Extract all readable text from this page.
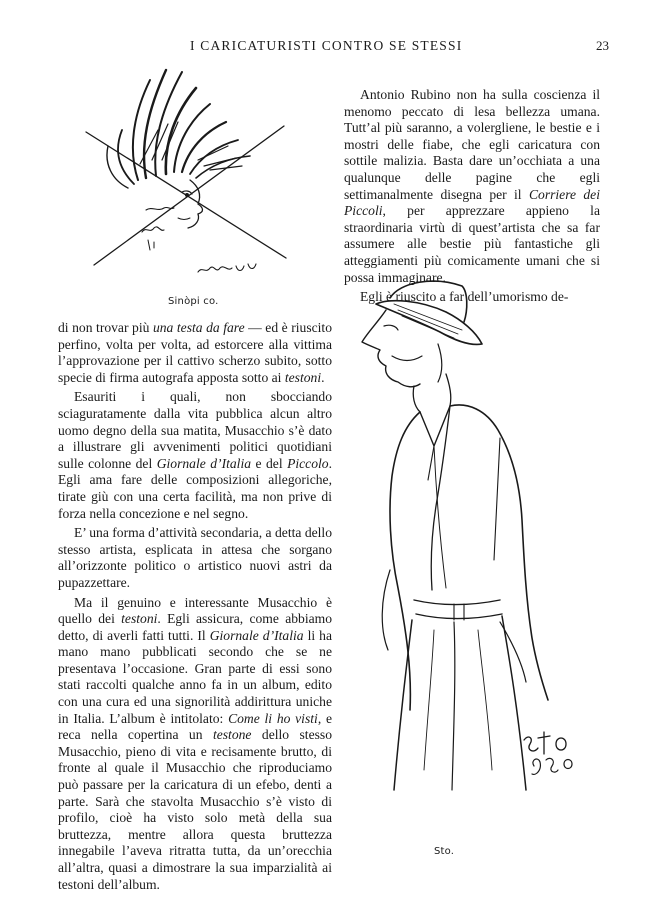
I CARICATURISTI CONTRO SE STESSI	23
Sinòpi co.

di non trovar più una testa da fare — ed è riuscito perfino, volta per volta, ad estorcere alla vittima l’approvazione per il cattivo scherzo subito, sotto specie di firma autografa apposta sotto ai testoni.

Esauriti i quali, non sbocciando sciaguratamente dalla vita pubblica alcun altro uomo degno della sua matita, Musacchio s’è dato a illustrare gli avvenimenti politici quotidiani sulle colonne del Giornale d’Italia e del Piccolo. Egli ama fare delle composizioni allegoriche, tirate giù con una certa facilità, ma non prive di forza nella concezione e nel segno.

E’ una forma d’attività secondaria, a detta dello stesso artista, esplicata in attesa che sorgano all’orizzonte politico o artistico nuovi astri da pupazzettare.

Ma il genuino e interessante Musacchio è quello dei testoni. Egli assicura, come abbiamo detto, di averli fatti tutti. Il Giornale d’Italia li ha mano mano pubblicati secondo che se ne presentava l’occasione. Gran parte di essi sono stati raccolti qualche anno fa in un album, edito con una cura ed una signorilità addirittura uniche in Italia. L’album è intitolato: Come li ho visti, e reca nella copertina un testone dello stesso Musacchio, pieno di vita e recisamente brutto, di fronte al quale il Musacchio che riproduciamo può passare per la caricatura di un efebo, denti a parte. Sarà che stavolta Musacchio s’è visto di profilo, cioè ha visto solo metà della sua bruttezza, mentre allora questa bruttezza innegabile l’aveva ritratta tutta, da un’orecchia all’altra, quasi a dimostrare la sua imparzialità ai testoni dell’album.

Antonio Rubino non ha sulla coscienza il menomo peccato di lesa bellezza umana. Tutt’al più saranno, a volergliene, le bestie e i mostri delle fiabe, che egli caricatura con sottile malizia. Basta dare un’occhiata a una qualunque delle pagine che egli settimanalmente disegna per il Corriere dei Piccoli, per apprezzare appieno la straordinaria virtù di quest’artista che sa far assumere alle bestie più fantastiche gli atteggiamenti più comicamente umani che si possa immaginare.

Egli è riuscito a far dell’umorismo de-

Sto.
